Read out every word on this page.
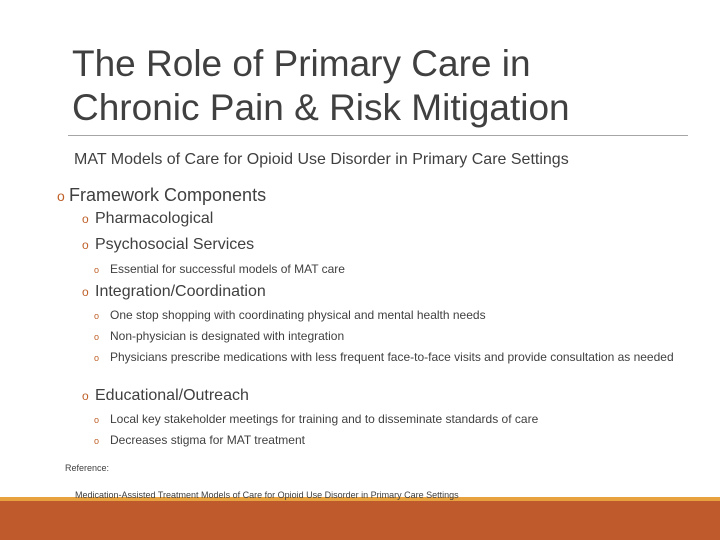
The Role of Primary Care in
Chronic Pain & Risk Mitigation
MAT Models of Care for Opioid Use Disorder in Primary Care Settings
o Framework Components
o Pharmacological
o Psychosocial Services
o Essential for successful models of MAT care
o Integration/Coordination
o One stop shopping with coordinating physical and mental health needs
o Non-physician is designated with integration
o Physicians prescribe medications with less frequent face-to-face visits and provide consultation as needed
o Educational/Outreach
o Local key stakeholder meetings for training and to disseminate standards of care
o Decreases stigma for MAT treatment
Reference:
Medication-Assisted Treatment Models of Care for Opioid Use Disorder in Primary Care Settings
